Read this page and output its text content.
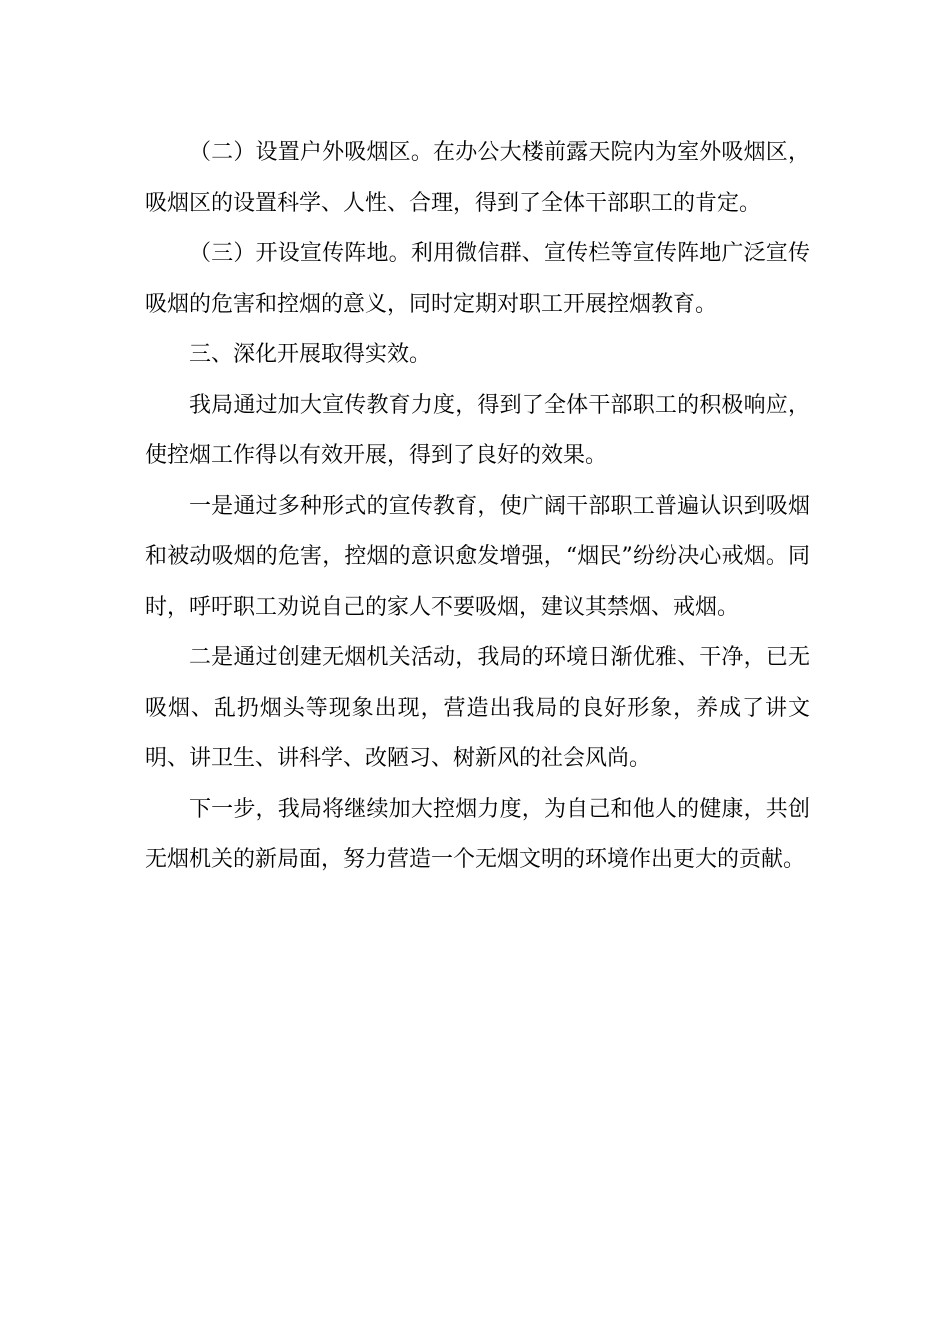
（二）设置户外吸烟区。在办公大楼前露天院内为室外吸烟区，吸烟区的设置科学、人性、合理，得到了全体干部职工的肯定。

（三）开设宣传阵地。利用微信群、宣传栏等宣传阵地广泛宣传吸烟的危害和控烟的意义，同时定期对职工开展控烟教育。

三、深化开展取得实效。

我局通过加大宣传教育力度，得到了全体干部职工的积极响应，使控烟工作得以有效开展，得到了良好的效果。

一是通过多种形式的宣传教育，使广阔干部职工普遍认识到吸烟和被动吸烟的危害，控烟的意识愈发增强，“烟民”纷纷决心戒烟。同时，呼吁职工劝说自己的家人不要吸烟，建议其禁烟、戒烟。

二是通过创建无烟机关活动，我局的环境日渐优雅、干净，已无吸烟、乱扔烟头等现象出现，营造出我局的良好形象，养成了讲文明、讲卫生、讲科学、改陋习、树新风的社会风尚。

下一步，我局将继续加大控烟力度，为自己和他人的健康，共创无烟机关的新局面，努力营造一个无烟文明的环境作出更大的贡献。
